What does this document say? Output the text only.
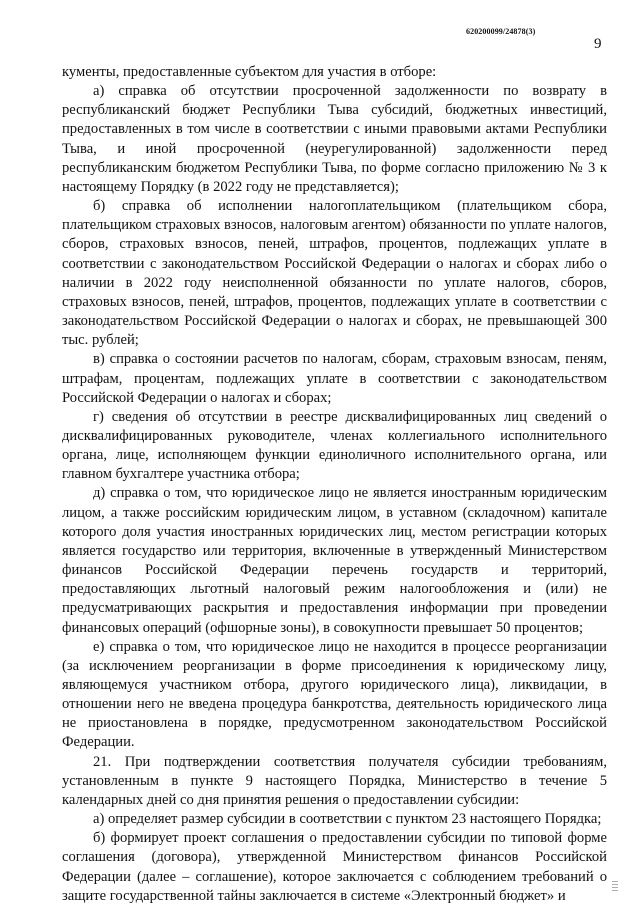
620200099/24878(3)
9

кументы, предоставленные субъектом для участия в отборе:

а) справка об отсутствии просроченной задолженности по возврату в республиканский бюджет Республики Тыва субсидий, бюджетных инвестиций, предоставленных в том числе в соответствии с иными правовыми актами Республики Тыва, и иной просроченной (неурегулированной) задолженности перед республиканским бюджетом Республики Тыва, по форме согласно приложению № 3 к настоящему Порядку (в 2022 году не представляется);

б) справка об исполнении налогоплательщиком (плательщиком сбора, плательщиком страховых взносов, налоговым агентом) обязанности по уплате налогов, сборов, страховых взносов, пеней, штрафов, процентов, подлежащих уплате в соответствии с законодательством Российской Федерации о налогах и сборах либо о наличии в 2022 году неисполненной обязанности по уплате налогов, сборов, страховых взносов, пеней, штрафов, процентов, подлежащих уплате в соответствии с законодательством Российской Федерации о налогах и сборах, не превышающей 300 тыс. рублей;

в) справка о состоянии расчетов по налогам, сборам, страховым взносам, пеням, штрафам, процентам, подлежащих уплате в соответствии с законодательством Российской Федерации о налогах и сборах;

г) сведения об отсутствии в реестре дисквалифицированных лиц сведений о дисквалифицированных руководителе, членах коллегиального исполнительного органа, лице, исполняющем функции единоличного исполнительного органа, или главном бухгалтере участника отбора;

д) справка о том, что юридическое лицо не является иностранным юридическим лицом, а также российским юридическим лицом, в уставном (складочном) капитале которого доля участия иностранных юридических лиц, местом регистрации которых является государство или территория, включенные в утвержденный Министерством финансов Российской Федерации перечень государств и территорий, предоставляющих льготный налоговый режим налогообложения и (или) не предусматривающих раскрытия и предоставления информации при проведении финансовых операций (офшорные зоны), в совокупности превышает 50 процентов;

е) справка о том, что юридическое лицо не находится в процессе реорганизации (за исключением реорганизации в форме присоединения к юридическому лицу, являющемуся участником отбора, другого юридического лица), ликвидации, в отношении него не введена процедура банкротства, деятельность юридического лица не приостановлена в порядке, предусмотренном законодательством Российской Федерации.

21. При подтверждении соответствия получателя субсидии требованиям, установленным в пункте 9 настоящего Порядка, Министерство в течение 5 календарных дней со дня принятия решения о предоставлении субсидии:

а) определяет размер субсидии в соответствии с пунктом 23 настоящего Порядка;

б) формирует проект соглашения о предоставлении субсидии по типовой форме соглашения (договора), утвержденной Министерством финансов Российской Федерации (далее – соглашение), которое заключается с соблюдением требований о защите государственной тайны заключается в системе «Электронный бюджет» и
